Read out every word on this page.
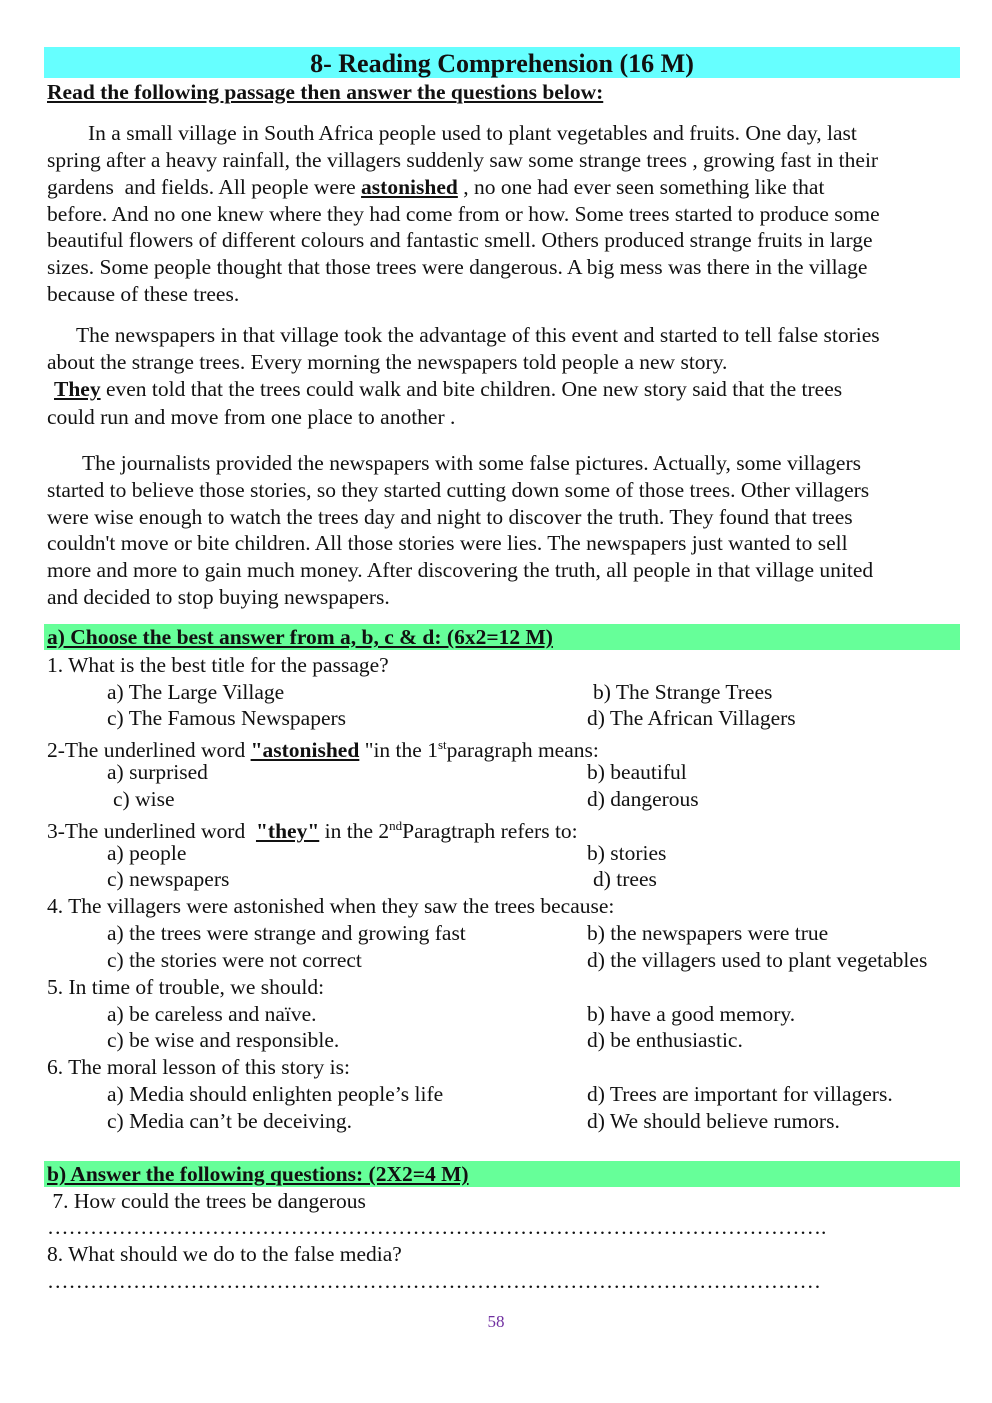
8- Reading Comprehension (16 M)
Read the following passage then answer the questions below:
In a small village in South Africa people used to plant vegetables and fruits. One day, last
spring after a heavy rainfall, the villagers suddenly saw some strange trees , growing fast in their
gardens  and fields. All people were astonished , no one had ever seen something like that
before. And no one knew where they had come from or how. Some trees started to produce some
beautiful flowers of different colours and fantastic smell. Others produced strange fruits in large
sizes. Some people thought that those trees were dangerous. A big mess was there in the village
because of these trees.
The newspapers in that village took the advantage of this event and started to tell false stories
about the strange trees. Every morning the newspapers told people a new story.
They even told that the trees could walk and bite children. One new story said that the trees
could run and move from one place to another .
The journalists provided the newspapers with some false pictures. Actually, some villagers
started to believe those stories, so they started cutting down some of those trees. Other villagers
were wise enough to watch the trees day and night to discover the truth. They found that trees
couldn't move or bite children. All those stories were lies. The newspapers just wanted to sell
more and more to gain much money. After discovering the truth, all people in that village united
and decided to stop buying newspapers.
a) Choose the best answer from a, b, c & d: (6x2=12 M)
1. What is the best title for the passage?
a) The Large Village	b) The Strange Trees
c) The Famous Newspapers	d) The African Villagers
2-The underlined word "astonished "in the 1stparagraph means:
a) surprised	b) beautiful
c) wise	d) dangerous
3-The underlined word  "they" in the 2ndParagtraph refers to:
a) people	b) stories
c) newspapers	d) trees
4. The villagers were astonished when they saw the trees because:
a) the trees were strange and growing fast	b) the newspapers were true
c) the stories were not correct	d) the villagers used to plant vegetables
5. In time of trouble, we should:
a) be careless and naïve.	b) have a good memory.
c) be wise and responsible.	d) be enthusiastic.
6. The moral lesson of this story is:
a) Media should enlighten people’s life	d) Trees are important for villagers.
c) Media can’t be deceiving.	d) We should believe rumors.
b) Answer the following questions: (2X2=4 M)
7. How could the trees be dangerous
……………………………………………………………………………………………….
8. What should we do to the false media?
………………………………………………………………………………………………
58
